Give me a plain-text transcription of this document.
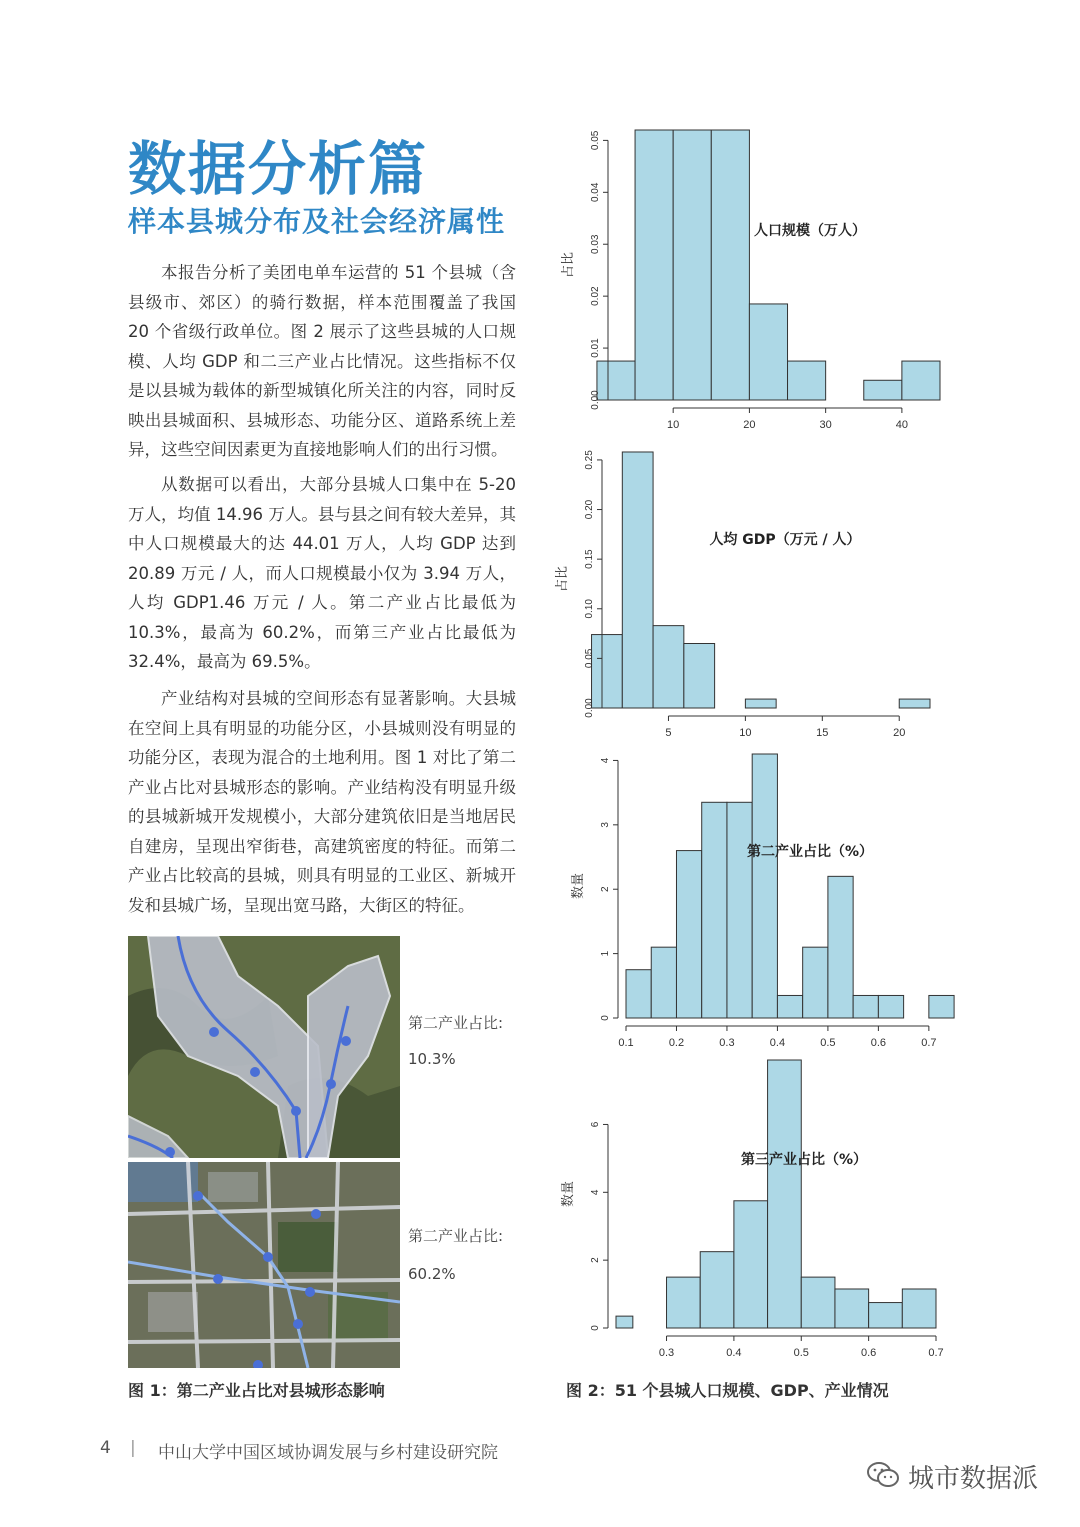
数据分析篇
样本县城分布及社会经济属性

本报告分析了美团电单车运营的 51 个县城（含县级市、郊区）的骑行数据，样本范围覆盖了我国 20 个省级行政单位。图 2 展示了这些县城的人口规模、人均 GDP 和二三产业占比情况。这些指标不仅是以县城为载体的新型城镇化所关注的内容，同时反映出县城面积、县城形态、功能分区、道路系统上差异，这些空间因素更为直接地影响人们的出行习惯。

从数据可以看出，大部分县城人口集中在 5-20 万人，均值 14.96 万人。县与县之间有较大差异，其中人口规模最大的达 44.01 万人，人均 GDP 达到 20.89 万元 / 人，而人口规模最小仅为 3.94 万人，人均 GDP1.46 万元 / 人。第二产业占比最低为 10.3%，最高为 60.2%，而第三产业占比最低为 32.4%，最高为 69.5%。

产业结构对县城的空间形态有显著影响。大县城在空间上具有明显的功能分区，小县城则没有明显的功能分区，表现为混合的土地利用。图 1 对比了第二产业占比对县城形态的影响。产业结构没有明显升级的县城新城开发规模小，大部分建筑依旧是当地居民自建房，呈现出窄街巷，高建筑密度的特征。而第二产业占比较高的县城，则具有明显的工业区、新城开发和县城广场，呈现出宽马路，大街区的特征。

第二产业占比:
10.3%
第二产业占比:
60.2%
图 1：第二产业占比对县城形态影响
0.00
0.01
0.02
0.03
0.04
0.05
10	20	30	40
占比
人口规模（万人）
0.00
0.05
0.10
0.15
0.20
0.25
5	10	15	20
占比
人均 GDP（万元 / 人）
0
1
2
3
4
0.1	0.2	0.3	0.4	0.5	0.6	0.7
数量
第二产业占比（%）
0
2
4
6
0.3	0.4	0.5	0.6	0.7
数量
第三产业占比（%）
图 2：51 个县城人口规模、GDP、产业情况
4 | 中山大学中国区域协调发展与乡村建设研究院
城市数据派
